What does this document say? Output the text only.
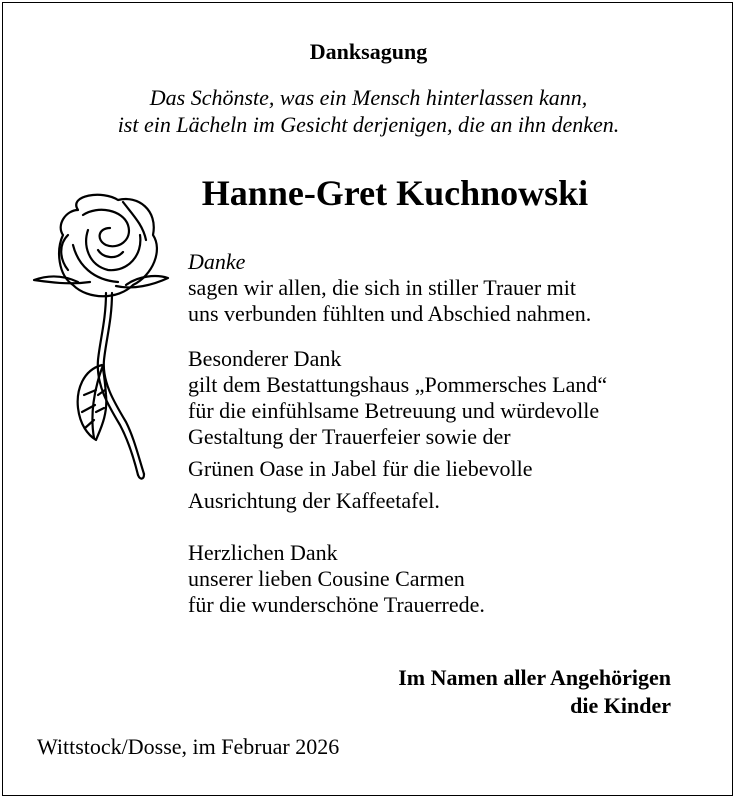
Danksagung
Das Schönste, was ein Mensch hinterlassen kann,
ist ein Lächeln im Gesicht derjenigen, die an ihn denken.
Hanne-Gret Kuchnowski
Danke
sagen wir allen, die sich in stiller Trauer mit
uns verbunden fühlten und Abschied nahmen.
Besonderer Dank
gilt dem Bestattungshaus „Pommersches Land“
für die einfühlsame Betreuung und würdevolle
Gestaltung der Trauerfeier sowie der
Grünen Oase in Jabel für die liebevolle
Ausrichtung der Kaffeetafel.
Herzlichen Dank
unserer lieben Cousine Carmen
für die wunderschöne Trauerrede.
Im Namen aller Angehörigen
die Kinder
Wittstock/Dosse, im Februar 2026
